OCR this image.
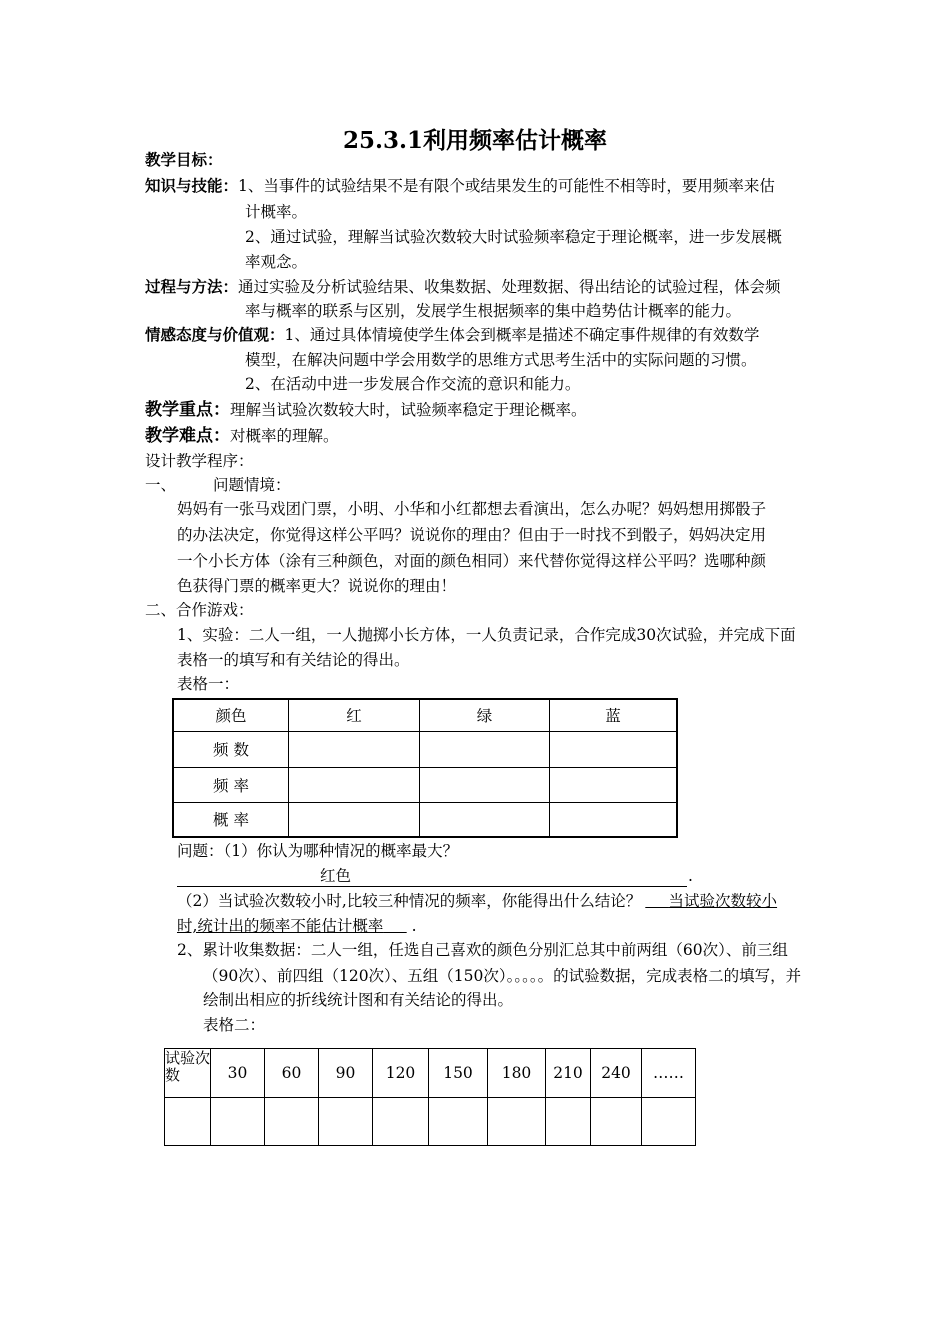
25.3.1利用频率估计概率
教学目标：
知识与技能：1、当事件的试验结果不是有限个或结果发生的可能性不相等时，要用频率来估
计概率。
2、通过试验，理解当试验次数较大时试验频率稳定于理论概率，进一步发展概
率观念。
过程与方法：通过实验及分析试验结果、收集数据、处理数据、得出结论的试验过程，体会频
率与概率的联系与区别，发展学生根据频率的集中趋势估计概率的能力。
情感态度与价值观：1、通过具体情境使学生体会到概率是描述不确定事件规律的有效数学
模型，在解决问题中学会用数学的思维方式思考生活中的实际问题的习惯。
2、在活动中进一步发展合作交流的意识和能力。
教学重点：理解当试验次数较大时，试验频率稳定于理论概率。
教学难点：对概率的理解。
设计教学程序：
一、 问题情境：
妈妈有一张马戏团门票，小明、小华和小红都想去看演出，怎么办呢？妈妈想用掷骰子
的办法决定，你觉得这样公平吗？说说你的理由？但由于一时找不到骰子，妈妈决定用
一个小长方体（涂有三种颜色，对面的颜色相同）来代替你觉得这样公平吗？选哪种颜
色获得门票的概率更大？说说你的理由！
二、合作游戏：
1、实验：二人一组，一人抛掷小长方体，一人负责记录，合作完成30次试验，并完成下面
表格一的填写和有关结论的得出。
表格一：
颜色	红	绿	蓝
频 数			
频 率			
概 率			
问题：（1）你认为哪种情况的概率最大？
红色	.
（2）当试验次数较小时,比较三种情况的频率，你能得出什么结论？    当试验次数较小
时,统计出的频率不能估计概率    .
2、累计收集数据：二人一组，任选自己喜欢的颜色分别汇总其中前两组（60次）、前三组
（90次）、前四组（120次）、五组（150次）。。。。。的试验数据，完成表格二的填写，并
绘制出相应的折线统计图和有关结论的得出。
表格二：
试验次数	30	60	90	120	150	180	210	240	……
